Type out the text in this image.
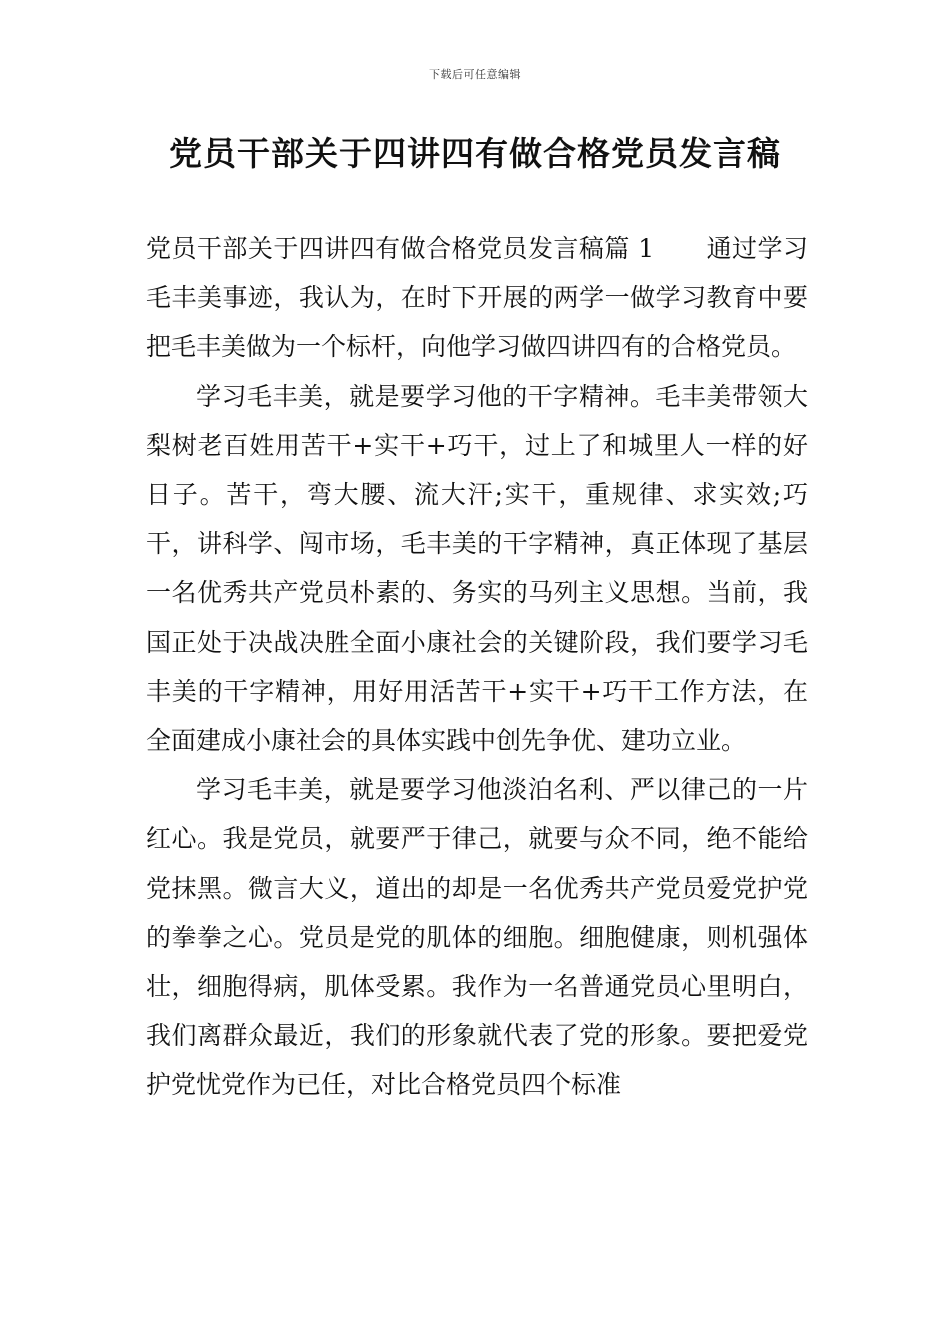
下载后可任意编辑
党员干部关于四讲四有做合格党员发言稿

党员干部关于四讲四有做合格党员发言稿篇 1 通过学习毛丰美事迹，我认为，在时下开展的两学一做学习教育中要把毛丰美做为一个标杆，向他学习做四讲四有的合格党员。

学习毛丰美，就是要学习他的干字精神。毛丰美带领大梨树老百姓用苦干+实干+巧干，过上了和城里人一样的好日子。苦干，弯大腰、流大汗;实干，重规律、求实效;巧干，讲科学、闯市场，毛丰美的干字精神，真正体现了基层一名优秀共产党员朴素的、务实的马列主义思想。当前，我国正处于决战决胜全面小康社会的关键阶段，我们要学习毛丰美的干字精神，用好用活苦干+实干+巧干工作方法，在全面建成小康社会的具体实践中创先争优、建功立业。

学习毛丰美，就是要学习他淡泊名利、严以律己的一片红心。我是党员，就要严于律己，就要与众不同，绝不能给党抹黑。微言大义，道出的却是一名优秀共产党员爱党护党的拳拳之心。党员是党的肌体的细胞。细胞健康，则机强体壮，细胞得病，肌体受累。我作为一名普通党员心里明白，我们离群众最近，我们的形象就代表了党的形象。要把爱党护党忧党作为已任，对比合格党员四个标准
